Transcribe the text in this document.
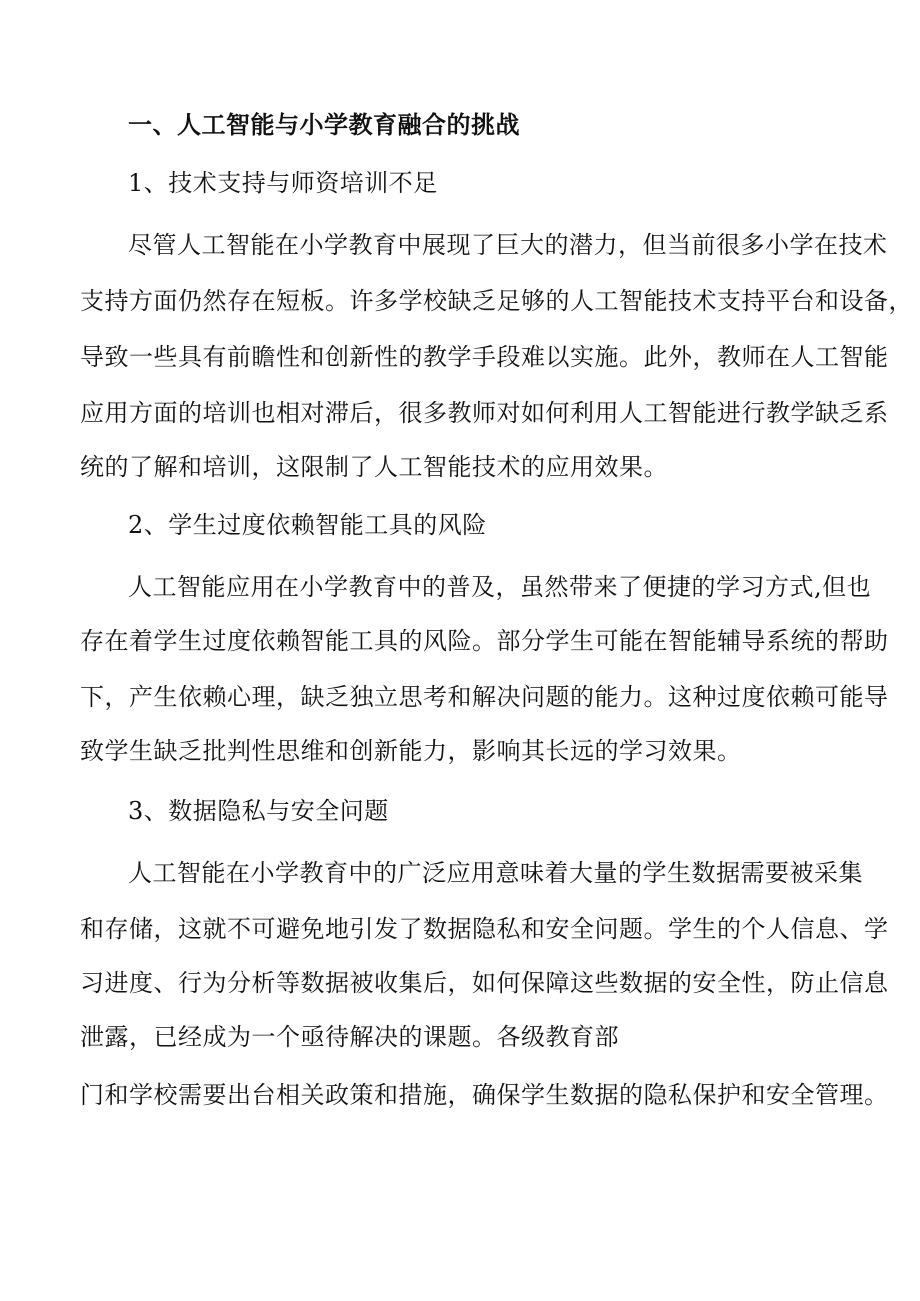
一、人工智能与小学教育融合的挑战
1、技术支持与师资培训不足
尽管人工智能在小学教育中展现了巨大的潜力，但当前很多小学在技术
支持方面仍然存在短板。许多学校缺乏足够的人工智能技术支持平台和设备，
导致一些具有前瞻性和创新性的教学手段难以实施。此外，教师在人工智能
应用方面的培训也相对滞后，很多教师对如何利用人工智能进行教学缺乏系
统的了解和培训，这限制了人工智能技术的应用效果。
2、学生过度依赖智能工具的风险
人工智能应用在小学教育中的普及，虽然带来了便捷的学习方式,但也
存在着学生过度依赖智能工具的风险。部分学生可能在智能辅导系统的帮助
下，产生依赖心理，缺乏独立思考和解决问题的能力。这种过度依赖可能导
致学生缺乏批判性思维和创新能力，影响其长远的学习效果。
3、数据隐私与安全问题
人工智能在小学教育中的广泛应用意味着大量的学生数据需要被采集
和存储，这就不可避免地引发了数据隐私和安全问题。学生的个人信息、学
习进度、行为分析等数据被收集后，如何保障这些数据的安全性，防止信息
泄露，已经成为一个亟待解决的课题。各级教育部
门和学校需要出台相关政策和措施，确保学生数据的隐私保护和安全管理。
